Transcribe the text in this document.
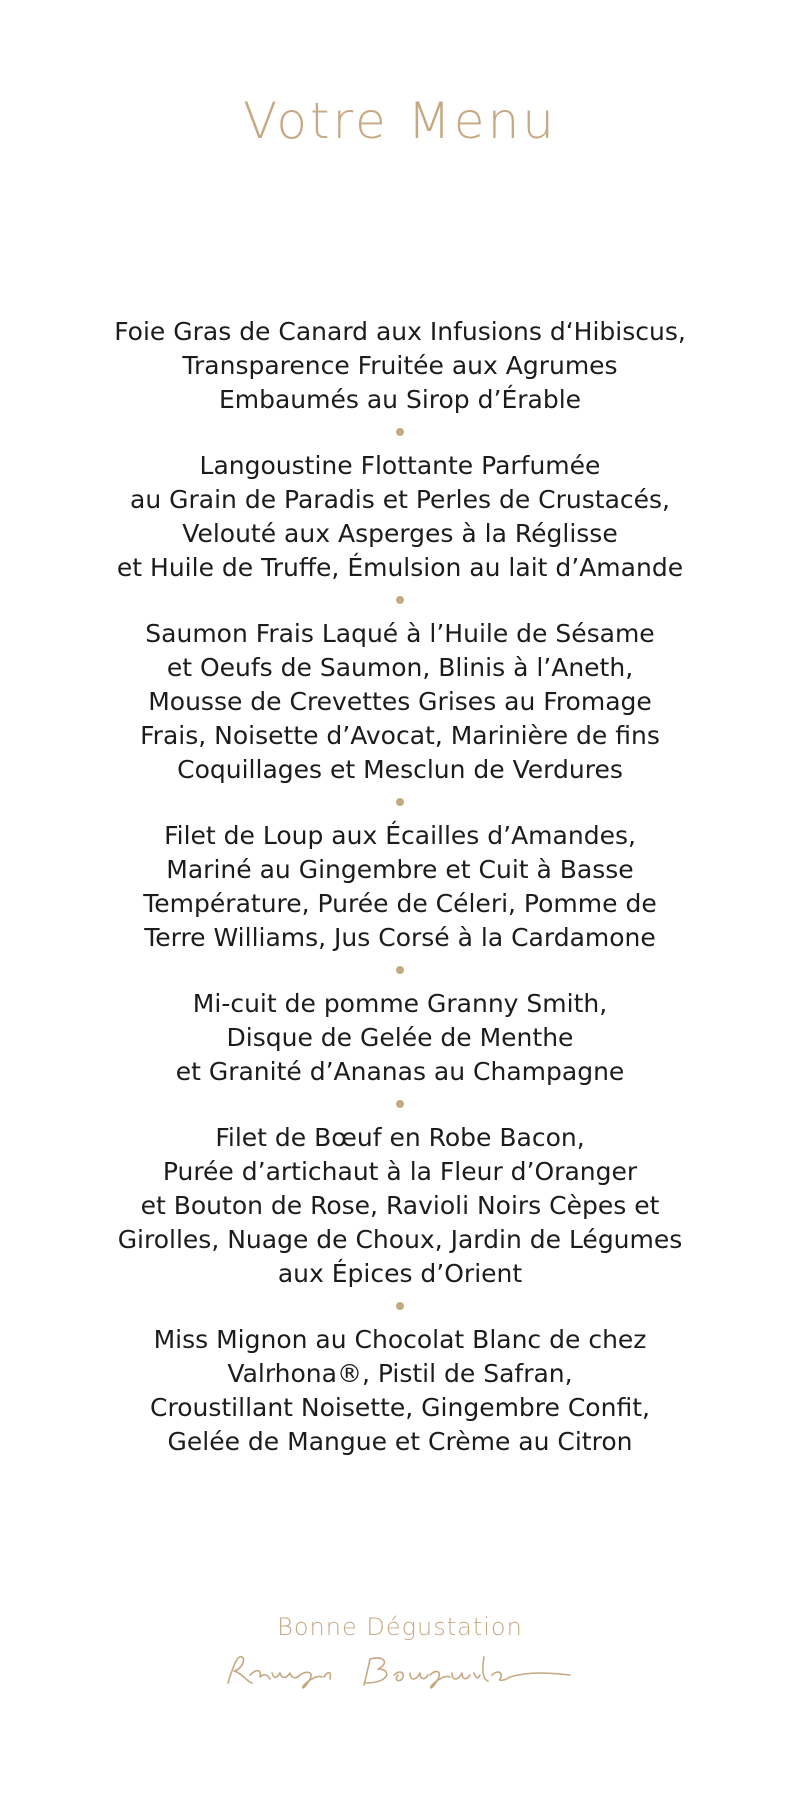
Votre Menu
Foie Gras de Canard aux Infusions d‘Hibiscus,
Transparence Fruitée aux Agrumes
Embaumés au Sirop d’Érable
Langoustine Flottante Parfumée
au Grain de Paradis et Perles de Crustacés,
Velouté aux Asperges à la Réglisse
et Huile de Truffe, Émulsion au lait d’Amande
Saumon Frais Laqué à l’Huile de Sésame
et Oeufs de Saumon, Blinis à l’Aneth,
Mousse de Crevettes Grises au Fromage
Frais, Noisette d’Avocat, Marinière de fins
Coquillages et Mesclun de Verdures
Filet de Loup aux Écailles d’Amandes,
Mariné au Gingembre et Cuit à Basse
Température, Purée de Céleri, Pomme de
Terre Williams, Jus Corsé à la Cardamone
Mi-cuit de pomme Granny Smith,
Disque de Gelée de Menthe
et Granité d’Ananas au Champagne
Filet de Bœuf en Robe Bacon,
Purée d’artichaut à la Fleur d’Oranger
et Bouton de Rose, Ravioli Noirs Cèpes et
Girolles, Nuage de Choux, Jardin de Légumes
aux Épices d’Orient
Miss Mignon au Chocolat Blanc de chez
Valrhona®, Pistil de Safran,
Croustillant Noisette, Gingembre Confit,
Gelée de Mangue et Crème au Citron
Bonne Dégustation
